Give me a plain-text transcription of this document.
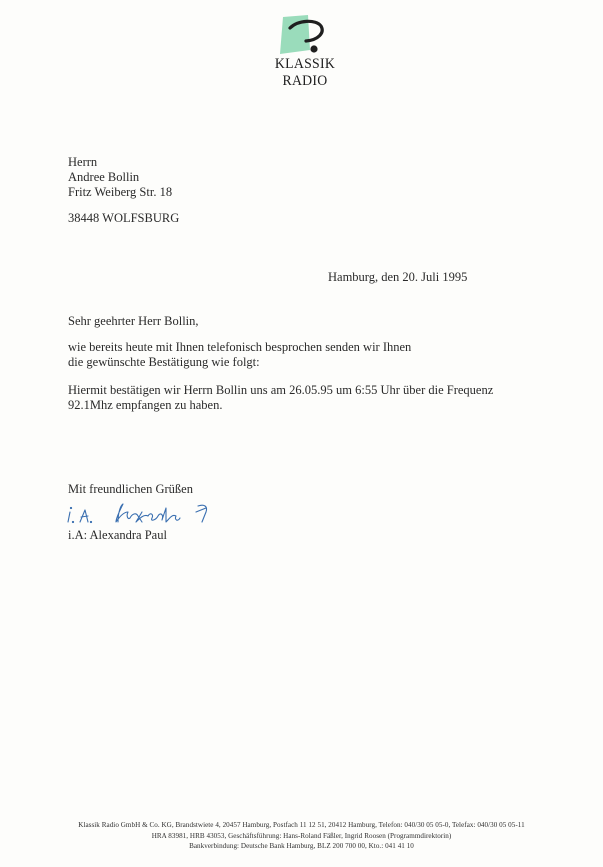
KLASSIK RADIO
Herrn
Andree Bollin
Fritz Weiberg Str. 18
38448 WOLFSBURG
Hamburg, den 20. Juli 1995
Sehr geehrter Herr Bollin,
wie bereits heute mit Ihnen telefonisch besprochen senden wir Ihnen
die gewünschte Bestätigung wie folgt:
Hiermit bestätigen wir Herrn Bollin uns am 26.05.95 um 6:55 Uhr über die Frequenz
92.1Mhz empfangen zu haben.
Mit freundlichen Grüßen
i.A: Alexandra Paul
Klassik Radio GmbH & Co. KG, Brandstwiete 4, 20457 Hamburg, Postfach 11 12 51, 20412 Hamburg, Telefon: 040/30 05 05-0, Telefax: 040/30 05 05-11
HRA 83981, HRB 43053, Geschäftsführung: Hans-Roland Fäßler, Ingrid Roosen (Programmdirektorin)
Bankverbindung: Deutsche Bank Hamburg, BLZ 200 700 00, Kto.: 041 41 10
